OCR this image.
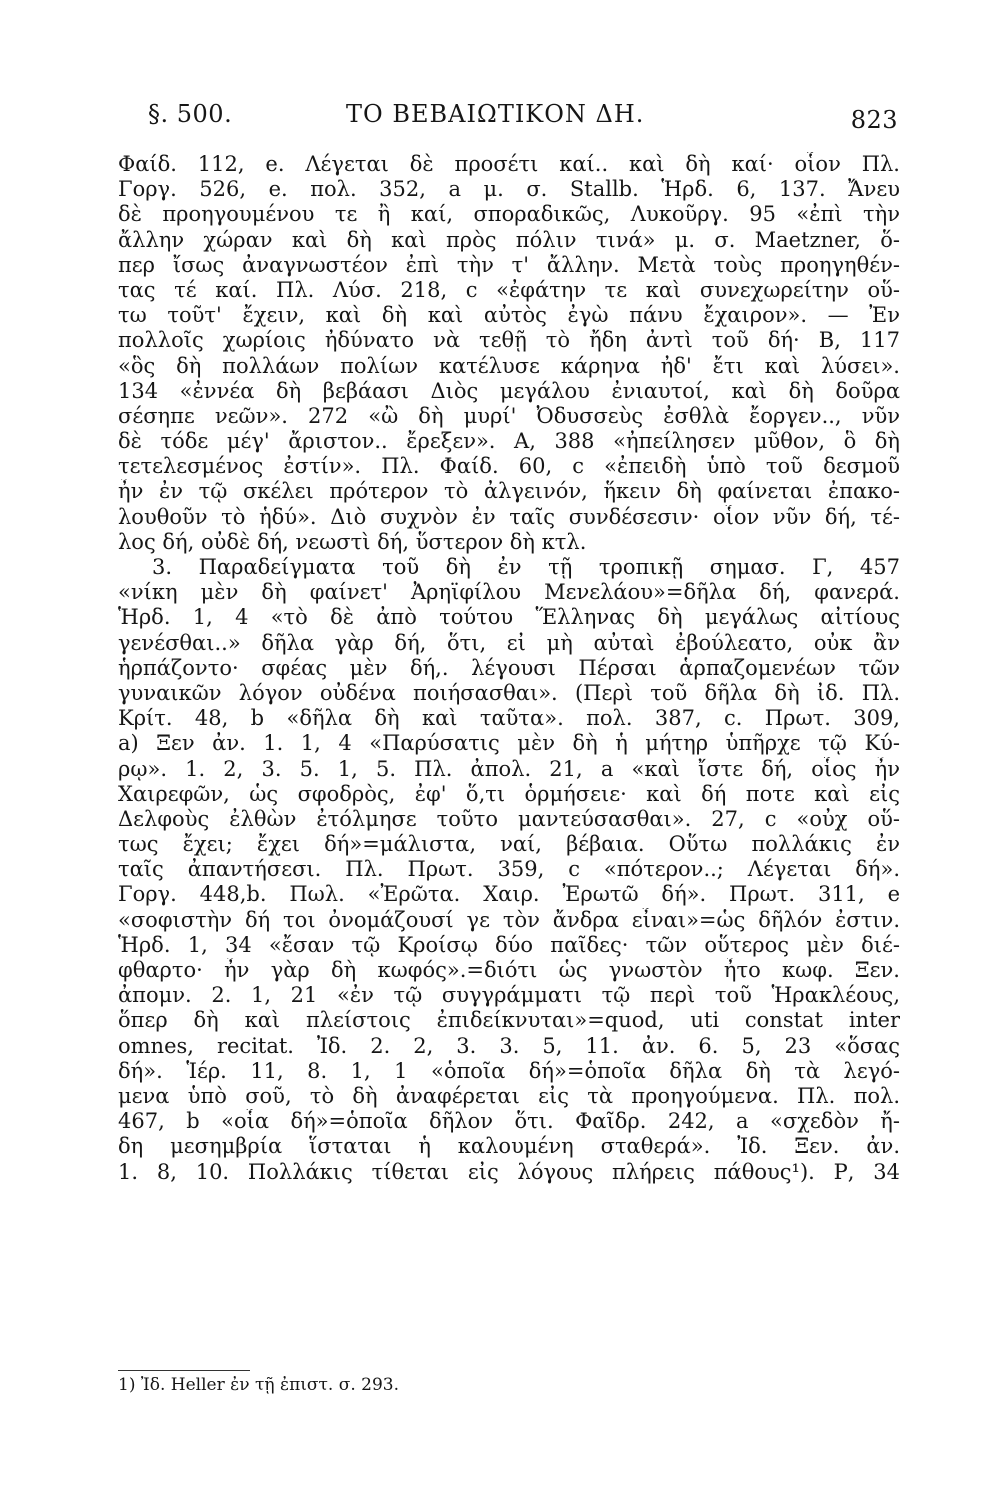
§. 500.	ΤΟ ΒΕΒΑΙΩΤΙΚΟΝ ΔΗ.	823
Φαίδ. 112, e. Λέγεται δὲ προσέτι καί.. καὶ δὴ καί· οἷον Πλ.
Γοργ. 526, e. πολ. 352, a μ. σ. Stallb. Ἡρδ. 6, 137. Ἄνευ
δὲ προηγουμένου τε ἢ καί, σποραδικῶς, Λυκοῦργ. 95 «ἐπὶ τὴν
ἄλλην χώραν καὶ δὴ καὶ πρὸς πόλιν τινά» μ. σ. Maetzner, ὅ-
περ ἴσως ἀναγνωστέον ἐπὶ τὴν τ' ἄλλην. Μετὰ τοὺς προηγηθέν-
τας τέ καί. Πλ. Λύσ. 218, c «ἐφάτην τε καὶ συνεχωρείτην οὕ-
τω τοῦτ' ἔχειν, καὶ δὴ καὶ αὐτὸς ἐγὼ πάνυ ἔχαιρον». — Ἐν
πολλοῖς χωρίοις ἠδύνατο νὰ τεθῇ τὸ ἤδη ἀντὶ τοῦ δή· Β, 117
«ὃς δὴ πολλάων πολίων κατέλυσε κάρηνα ἠδ' ἔτι καὶ λύσει».
134 «ἐννέα δὴ βεβάασι Διὸς μεγάλου ἐνιαυτοί, καὶ δὴ δοῦρα
σέσηπε νεῶν». 272 «ὢ δὴ μυρί' Ὀδυσσεὺς ἐσθλὰ ἔοργεν.., νῦν
δὲ τόδε μέγ' ἄριστον.. ἔρεξεν». Α, 388 «ἠπείλησεν μῦθον, ὃ δὴ
τετελεσμένος ἐστίν». Πλ. Φαίδ. 60, c «ἐπειδὴ ὑπὸ τοῦ δεσμοῦ
ἦν ἐν τῷ σκέλει πρότερον τὸ ἀλγεινόν, ἥκειν δὴ φαίνεται ἐπακο-
λουθοῦν τὸ ἡδύ». Διὸ συχνὸν ἐν ταῖς συνδέσεσιν· οἷον νῦν δή, τέ-
λος δή, οὐδὲ δή, νεωστὶ δή, ὕστερον δὴ κτλ.
3. Παραδείγματα τοῦ δὴ ἐν τῇ τροπικῇ σημασ. Γ, 457
«νίκη μὲν δὴ φαίνετ' Ἀρηϊφίλου Μενελάου»=δῆλα δή, φανερά.
Ἡρδ. 1, 4 «τὸ δὲ ἀπὸ τούτου Ἕλληνας δὴ μεγάλως αἰτίους
γενέσθαι..» δῆλα γὰρ δή, ὅτι, εἰ μὴ αὐταὶ ἐβούλεατο, οὐκ ἂν
ἡρπάζοντο· σφέας μὲν δή,. λέγουσι Πέρσαι ἁρπαζομενέων τῶν
γυναικῶν λόγον οὐδένα ποιήσασθαι». (Περὶ τοῦ δῆλα δὴ ἰδ. Πλ.
Κρίτ. 48, b «δῆλα δὴ καὶ ταῦτα». πολ. 387, c. Πρωτ. 309,
a) Ξεν ἀν. 1. 1, 4 «Παρύσατις μὲν δὴ ἡ μήτηρ ὑπῆρχε τῷ Κύ-
ρῳ». 1. 2, 3. 5. 1, 5. Πλ. ἀπολ. 21, a «καὶ ἴστε δή, οἷος ἦν
Χαιρεφῶν, ὡς σφοδρὸς, ἐφ' ὅ,τι ὁρμήσειε· καὶ δή ποτε καὶ εἰς
Δελφοὺς ἐλθὼν ἐτόλμησε τοῦτο μαντεύσασθαι». 27, c «οὐχ οὕ-
τως ἔχει; ἔχει δή»=μάλιστα, ναί, βέβαια. Οὕτω πολλάκις ἐν
ταῖς ἀπαντήσεσι. Πλ. Πρωτ. 359, c «πότερον..; Λέγεται δή».
Γοργ. 448,b. Πωλ. «Ἐρῶτα. Χαιρ. Ἐρωτῶ δή». Πρωτ. 311, e
«σοφιστὴν δή τοι ὀνομάζουσί γε τὸν ἄνδρα εἶναι»=ὡς δῆλόν ἐστιν.
Ἡρδ. 1, 34 «ἔσαν τῷ Κροίσῳ δύο παῖδες· τῶν οὕτερος μὲν διέ-
φθαρτο· ἦν γὰρ δὴ κωφός».=διότι ὡς γνωστὸν ἦτο κωφ. Ξεν.
ἀπομν. 2. 1, 21 «ἐν τῷ συγγράμματι τῷ περὶ τοῦ Ἡρακλέους,
ὅπερ δὴ καὶ πλείστοις ἐπιδείκνυται»=quod, uti constat inter
omnes, recitat. Ἰδ. 2. 2, 3. 3. 5, 11. ἀν. 6. 5, 23 «ὅσας
δή». Ἱέρ. 11, 8. 1, 1 «ὁποῖα δή»=ὁποῖα δῆλα δὴ τὰ λεγό-
μενα ὑπὸ σοῦ, τὸ δὴ ἀναφέρεται εἰς τὰ προηγούμενα. Πλ. πολ.
467, b «οἷα δή»=ὁποῖα δῆλον ὅτι. Φαῖδρ. 242, a «σχεδὸν ἤ-
δη μεσημβρία ἵσταται ἡ καλουμένη σταθερά». Ἰδ. Ξεν. ἀν.
1. 8, 10. Πολλάκις τίθεται εἰς λόγους πλήρεις πάθους¹). Ρ, 34
1) Ἰδ. Heller ἐν τῇ ἐπιστ. σ. 293.
